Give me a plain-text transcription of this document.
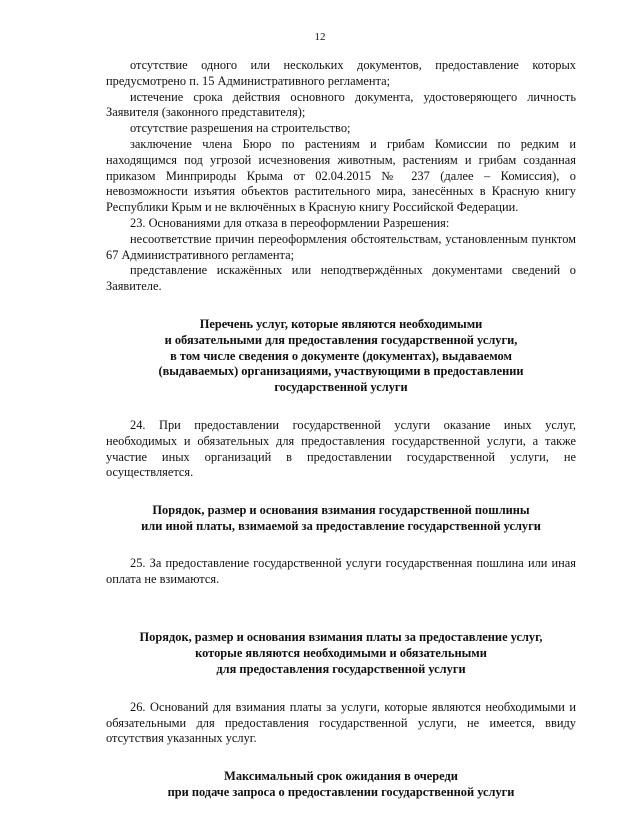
12

отсутствие одного или нескольких документов, предоставление которых предусмотрено п. 15 Административного регламента;

истечение срока действия основного документа, удостоверяющего личность Заявителя (законного представителя);

отсутствие разрешения на строительство;

заключение члена Бюро по растениям и грибам Комиссии по редким и находящимся под угрозой исчезновения животным, растениям и грибам созданная приказом Минприроды Крыма от 02.04.2015 № 237 (далее – Комиссия), о невозможности изъятия объектов растительного мира, занесённых в Красную книгу Республики Крым и не включённых в Красную книгу Российской Федерации.

23. Основаниями для отказа в переоформлении Разрешения:

несоответствие причин переоформления обстоятельствам, установленным пунктом 67 Административного регламента;

представление искажённых или неподтверждённых документами сведений о Заявителе.

Перечень услуг, которые являются необходимыми

и обязательными для предоставления государственной услуги,

в том числе сведения о документе (документах), выдаваемом

(выдаваемых) организациями, участвующими в предоставлении

государственной услуги

24. При предоставлении государственной услуги оказание иных услуг, необходимых и обязательных для предоставления государственной услуги, а также участие иных организаций в предоставлении государственной услуги, не осуществляется.

Порядок, размер и основания взимания государственной пошлины

или иной платы, взимаемой за предоставление государственной услуги

25. За предоставление государственной услуги государственная пошлина или иная оплата не взимаются.

Порядок, размер и основания взимания платы за предоставление услуг,

которые являются необходимыми и обязательными

для предоставления государственной услуги

26. Оснований для взимания платы за услуги, которые являются необходимыми и обязательными для предоставления государственной услуги, не имеется, ввиду отсутствия указанных услуг.

Максимальный срок ожидания в очереди

при подаче запроса о предоставлении государственной услуги
